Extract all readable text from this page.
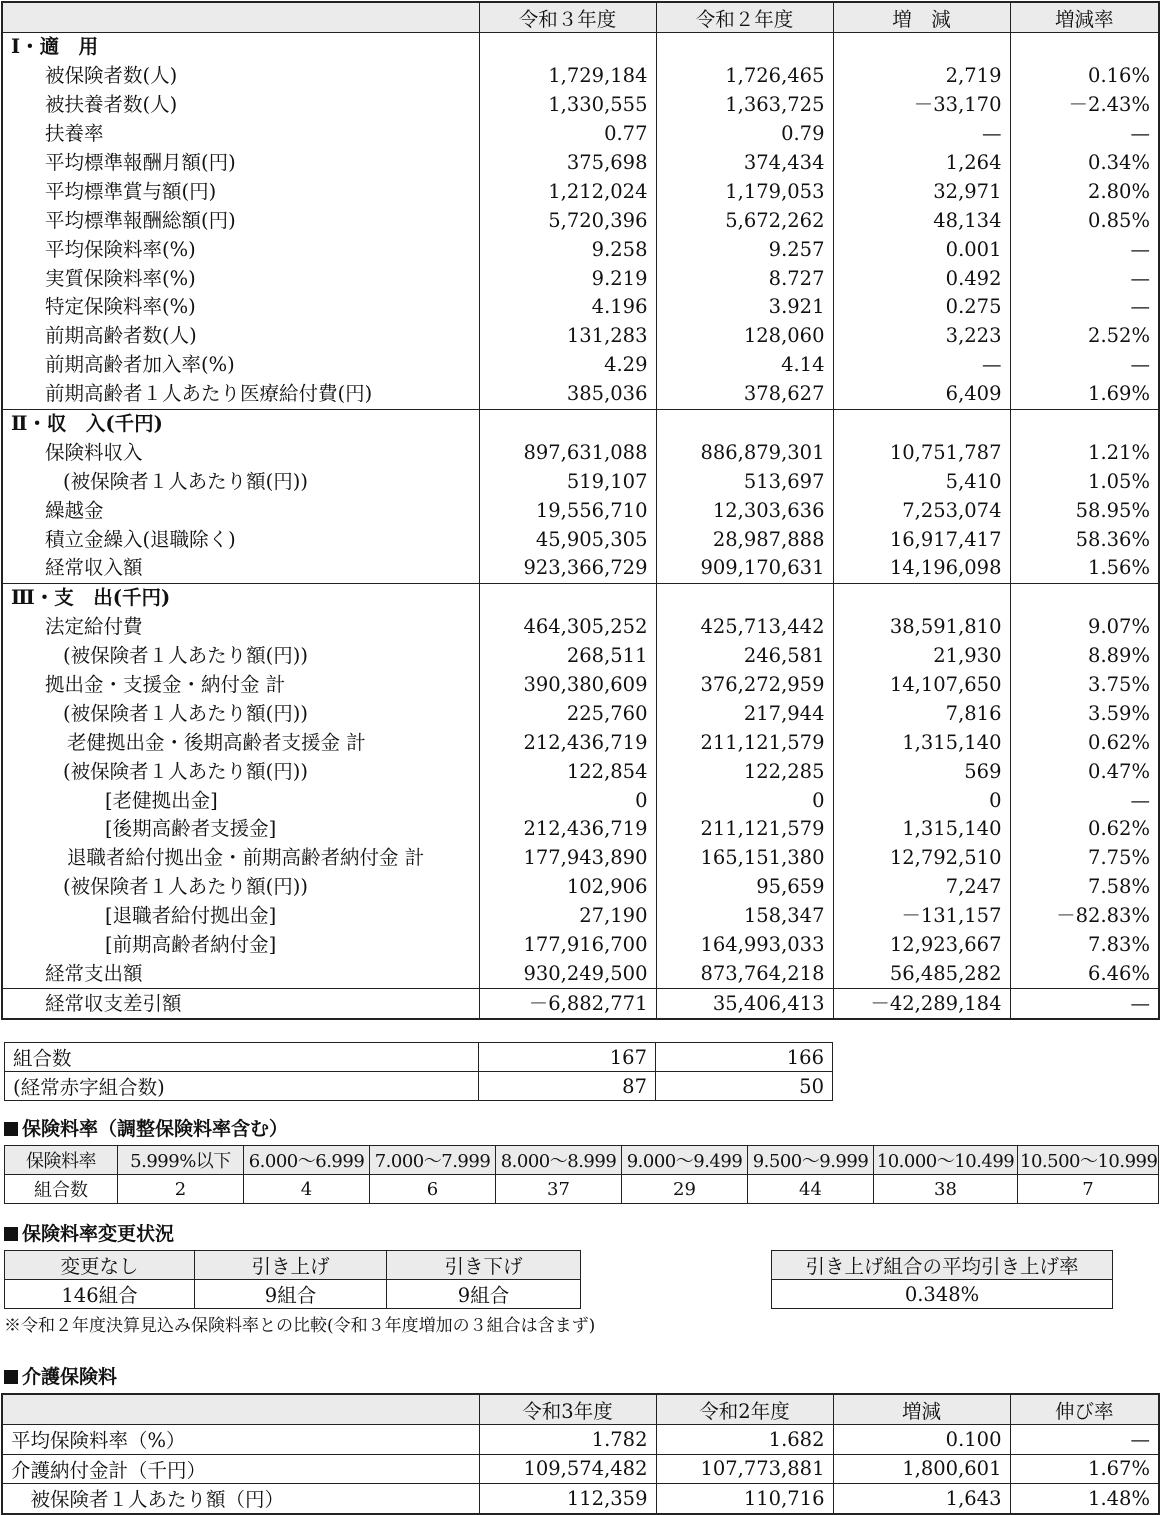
	令和３年度	令和２年度	増　減	増減率
Ⅰ・適　用				
被保険者数(人)	1,729,184	1,726,465	2,719	0.16%
被扶養者数(人)	1,330,555	1,363,725	－33,170	－2.43%
扶養率	0.77	0.79	—	—
平均標準報酬月額(円)	375,698	374,434	1,264	0.34%
平均標準賞与額(円)	1,212,024	1,179,053	32,971	2.80%
平均標準報酬総額(円)	5,720,396	5,672,262	48,134	0.85%
平均保険料率(%)	9.258	9.257	0.001	—
実質保険料率(%)	9.219	8.727	0.492	—
特定保険料率(%)	4.196	3.921	0.275	—
前期高齢者数(人)	131,283	128,060	3,223	2.52%
前期高齢者加入率(%)	4.29	4.14	—	—
前期高齢者１人あたり医療給付費(円)	385,036	378,627	6,409	1.69%
Ⅱ・収　入(千円)				
保険料収入	897,631,088	886,879,301	10,751,787	1.21%
(被保険者１人あたり額(円))	519,107	513,697	5,410	1.05%
繰越金	19,556,710	12,303,636	7,253,074	58.95%
積立金繰入(退職除く)	45,905,305	28,987,888	16,917,417	58.36%
経常収入額	923,366,729	909,170,631	14,196,098	1.56%
Ⅲ・支　出(千円)				
法定給付費	464,305,252	425,713,442	38,591,810	9.07%
(被保険者１人あたり額(円))	268,511	246,581	21,930	8.89%
拠出金・支援金・納付金 計	390,380,609	376,272,959	14,107,650	3.75%
(被保険者１人あたり額(円))	225,760	217,944	7,816	3.59%
老健拠出金・後期高齢者支援金 計	212,436,719	211,121,579	1,315,140	0.62%
(被保険者１人あたり額(円))	122,854	122,285	569	0.47%
[老健拠出金]	0	0	0	—
[後期高齢者支援金]	212,436,719	211,121,579	1,315,140	0.62%
退職者給付拠出金・前期高齢者納付金 計	177,943,890	165,151,380	12,792,510	7.75%
(被保険者１人あたり額(円))	102,906	95,659	7,247	7.58%
[退職者給付拠出金]	27,190	158,347	－131,157	－82.83%
[前期高齢者納付金]	177,916,700	164,993,033	12,923,667	7.83%
経常支出額	930,249,500	873,764,218	56,485,282	6.46%
経常収支差引額	－6,882,771	35,406,413	－42,289,184	—
組合数	167	166
(経常赤字組合数)	87	50
保険料率（調整保険料率含む）
保険料率	5.999%以下	6.000〜6.999	7.000〜7.999	8.000〜8.999	9.000〜9.499	9.500〜9.999	10.000〜10.499	10.500〜10.999
組合数	2	4	6	37	29	44	38	7
保険料率変更状況
変更なし	引き上げ	引き下げ
146組合	9組合	9組合
引き上げ組合の平均引き上げ率
0.348%
※令和２年度決算見込み保険料率との比較(令和３年度増加の３組合は含まず)
介護保険料
	令和3年度	令和2年度	増減	伸び率
平均保険料率（%）	1.782	1.682	0.100	—
介護納付金計（千円）	109,574,482	107,773,881	1,800,601	1.67%
　被保険者１人あたり額（円）	112,359	110,716	1,643	1.48%
